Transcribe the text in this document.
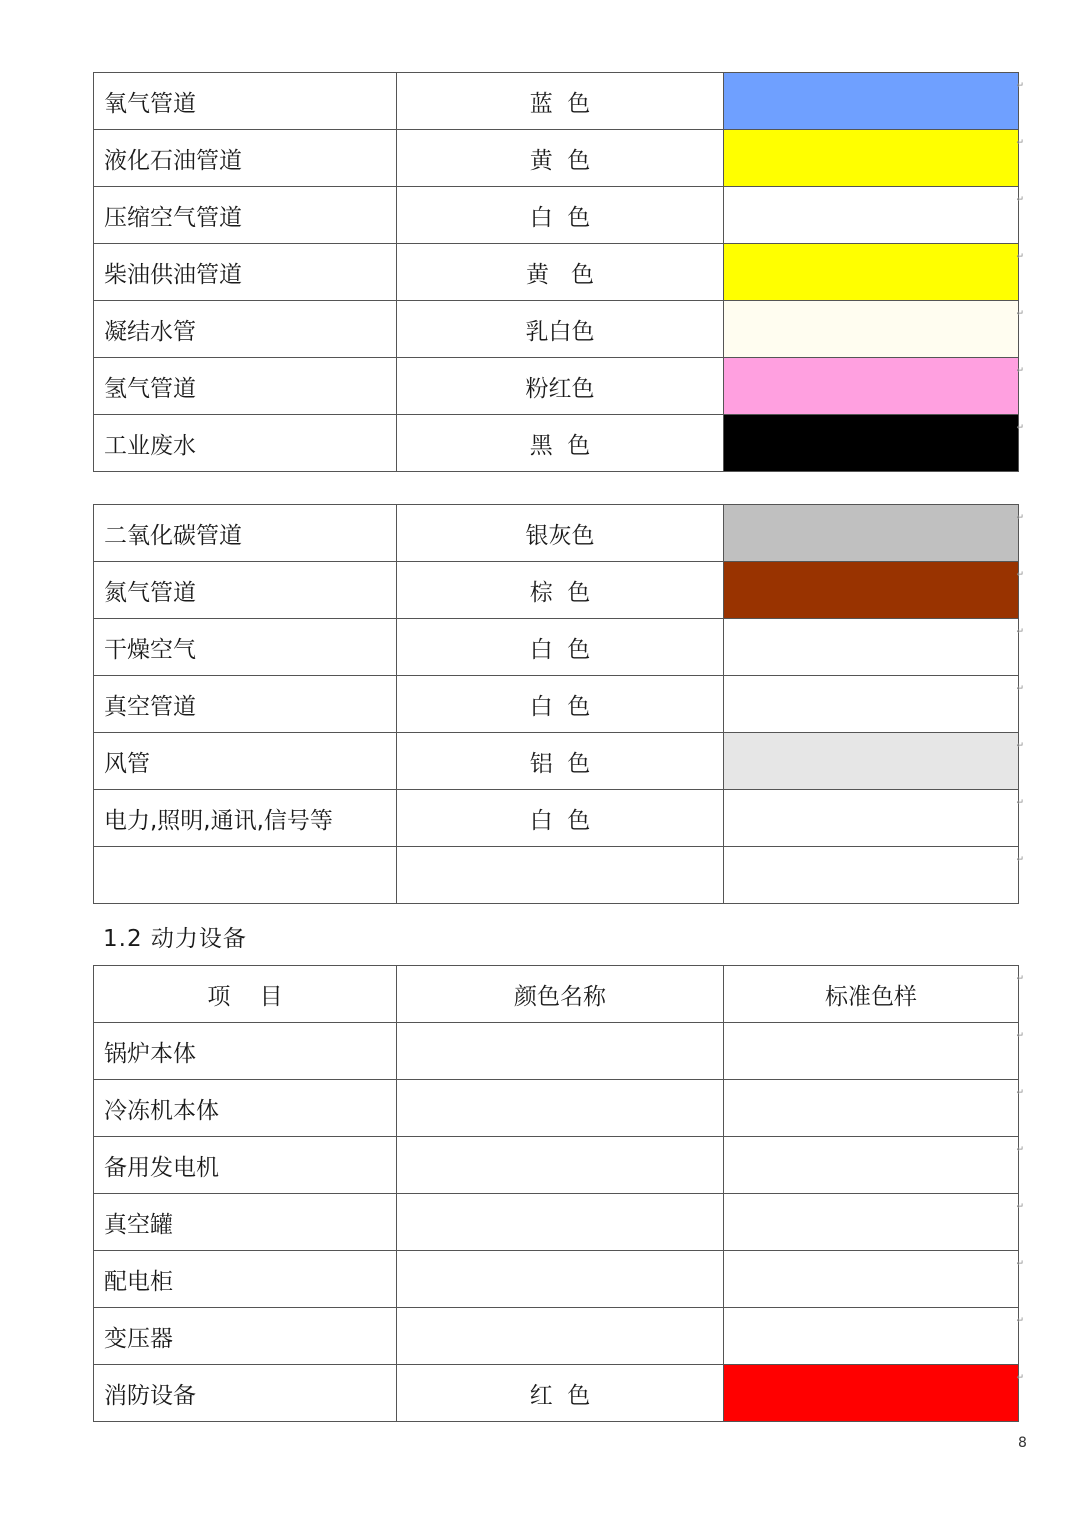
氧气管道	蓝  色	↵

液化石油管道	黄  色	↵

压缩空气管道	白  色	↵

柴油供油管道	黄   色	↵

凝结水管	乳白色	↵

氢气管道	粉红色	↵

工业废水	黑  色	↵
二氧化碳管道	银灰色	↵

氮气管道	棕  色	↵

干燥空气	白  色	↵

真空管道	白  色	↵

风管	铝  色	↵

电力,照明,通讯,信号等	白  色	↵

		↵
1.2 动力设备
项    目	颜色名称	标准色样
↵

锅炉本体		↵

冷冻机本体		↵

备用发电机		↵

真空罐		↵

配电柜		↵

变压器		↵

消防设备	红  色	↵
8
